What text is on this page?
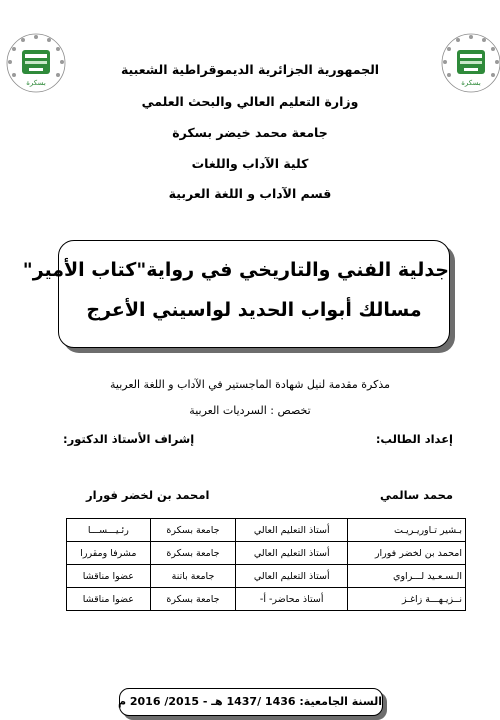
بسكرة	بسكرة
الجمهورية الجزائرية الديموقراطية الشعبية
وزارة التعليم العالي والبحث العلمي
جامعة محمد خيضر بسكرة
كلية الآداب واللغات
قسم الآداب و اللغة العربية
جدلية الفني والتاريخي في رواية"كتاب الأمير"
مسالك أبواب الحديد لواسيني الأعرج
مذكرة مقدمة لنيل شهادة الماجستير في الآداب و اللغة العربية
تخصص : السرديات العربية
إعداد الطالب:
إشراف الأستاذ الدكتور:
محمد سالمي
امحمد بن لخضر فورار
بـشير تـاوريـريـت	أستاذ التعليم العالي	جامعة بسكرة	رئـيـــســـا
امحمد بن لخضر فورار	أستاذ التعليم العالي	جامعة بسكرة	مشرفا ومقررا
الـسـعـيد لـــراوي	أستاذ التعليم العالي	جامعة باتنة	عضوا مناقشا
نــزيـهـــة زاغـز	أستاذ محاضر- أ-	جامعة بسكرة	عضوا مناقشا
السنة الجامعية: 1436 /1437 هـ - 2015/ 2016 م
